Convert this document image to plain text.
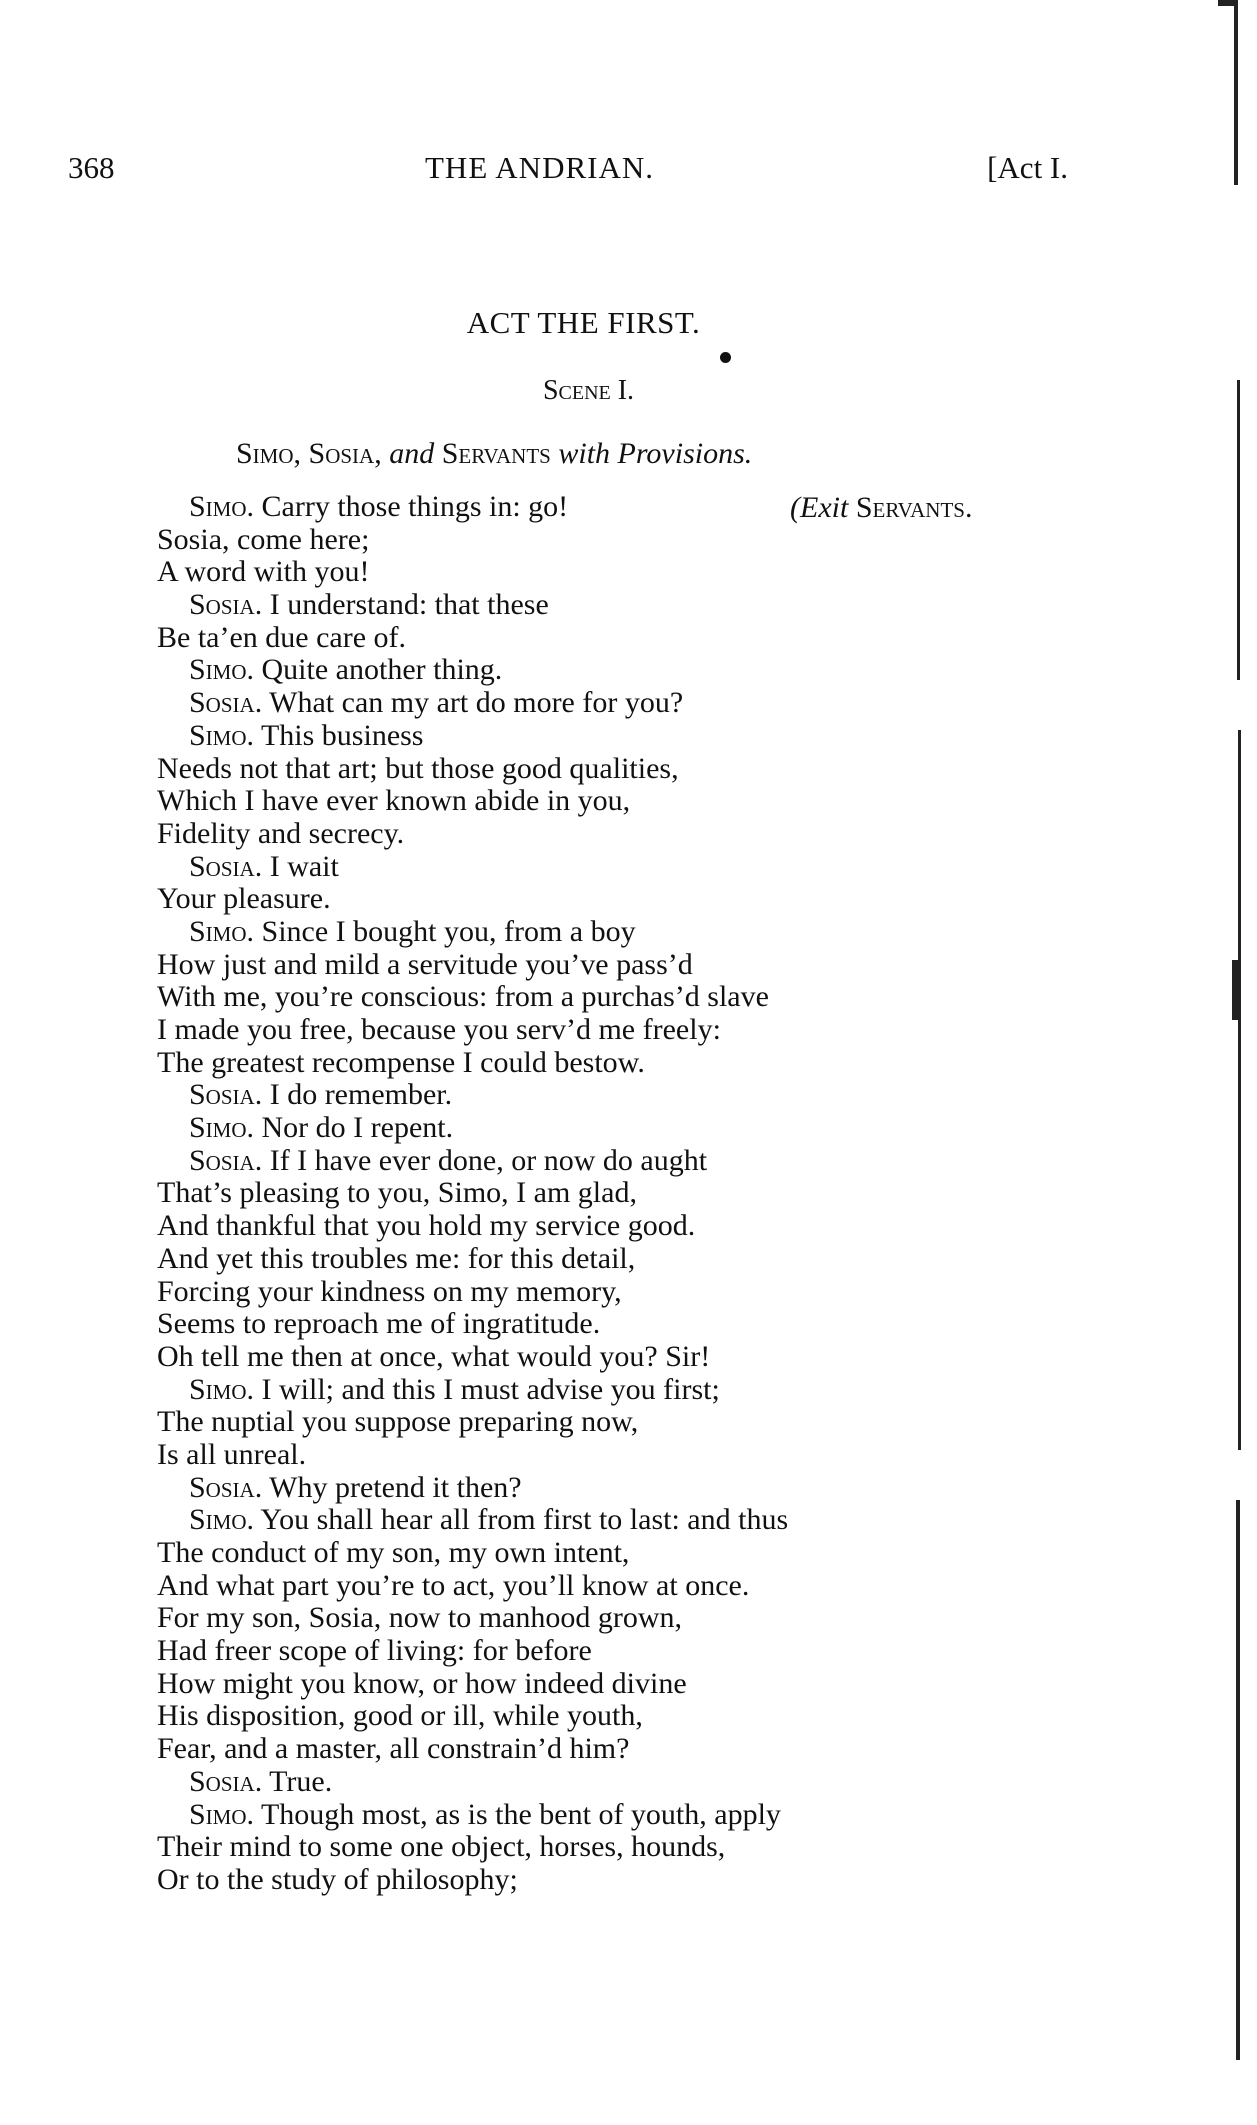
368	THE ANDRIAN.	[Act I.
ACT THE FIRST.
Scene I.
Simo, Sosia, and Servants with Provisions.
(Exit Servants.
Simo. Carry those things in: go!
Sosia, come here;
A word with you!
Sosia. I understand: that these
Be ta’en due care of.
Simo. Quite another thing.
Sosia. What can my art do more for you?
Simo. This business
Needs not that art; but those good qualities,
Which I have ever known abide in you,
Fidelity and secrecy.
Sosia. I wait
Your pleasure.
Simo. Since I bought you, from a boy
How just and mild a servitude you’ve pass’d
With me, you’re conscious: from a purchas’d slave
I made you free, because you serv’d me freely:
The greatest recompense I could bestow.
Sosia. I do remember.
Simo. Nor do I repent.
Sosia. If I have ever done, or now do aught
That’s pleasing to you, Simo, I am glad,
And thankful that you hold my service good.
And yet this troubles me: for this detail,
Forcing your kindness on my memory,
Seems to reproach me of ingratitude.
Oh tell me then at once, what would you? Sir!
Simo. I will; and this I must advise you first;
The nuptial you suppose preparing now,
Is all unreal.
Sosia. Why pretend it then?
Simo. You shall hear all from first to last: and thus
The conduct of my son, my own intent,
And what part you’re to act, you’ll know at once.
For my son, Sosia, now to manhood grown,
Had freer scope of living: for before
How might you know, or how indeed divine
His disposition, good or ill, while youth,
Fear, and a master, all constrain’d him?
Sosia. True.
Simo. Though most, as is the bent of youth, apply
Their mind to some one object, horses, hounds,
Or to the study of philosophy;
